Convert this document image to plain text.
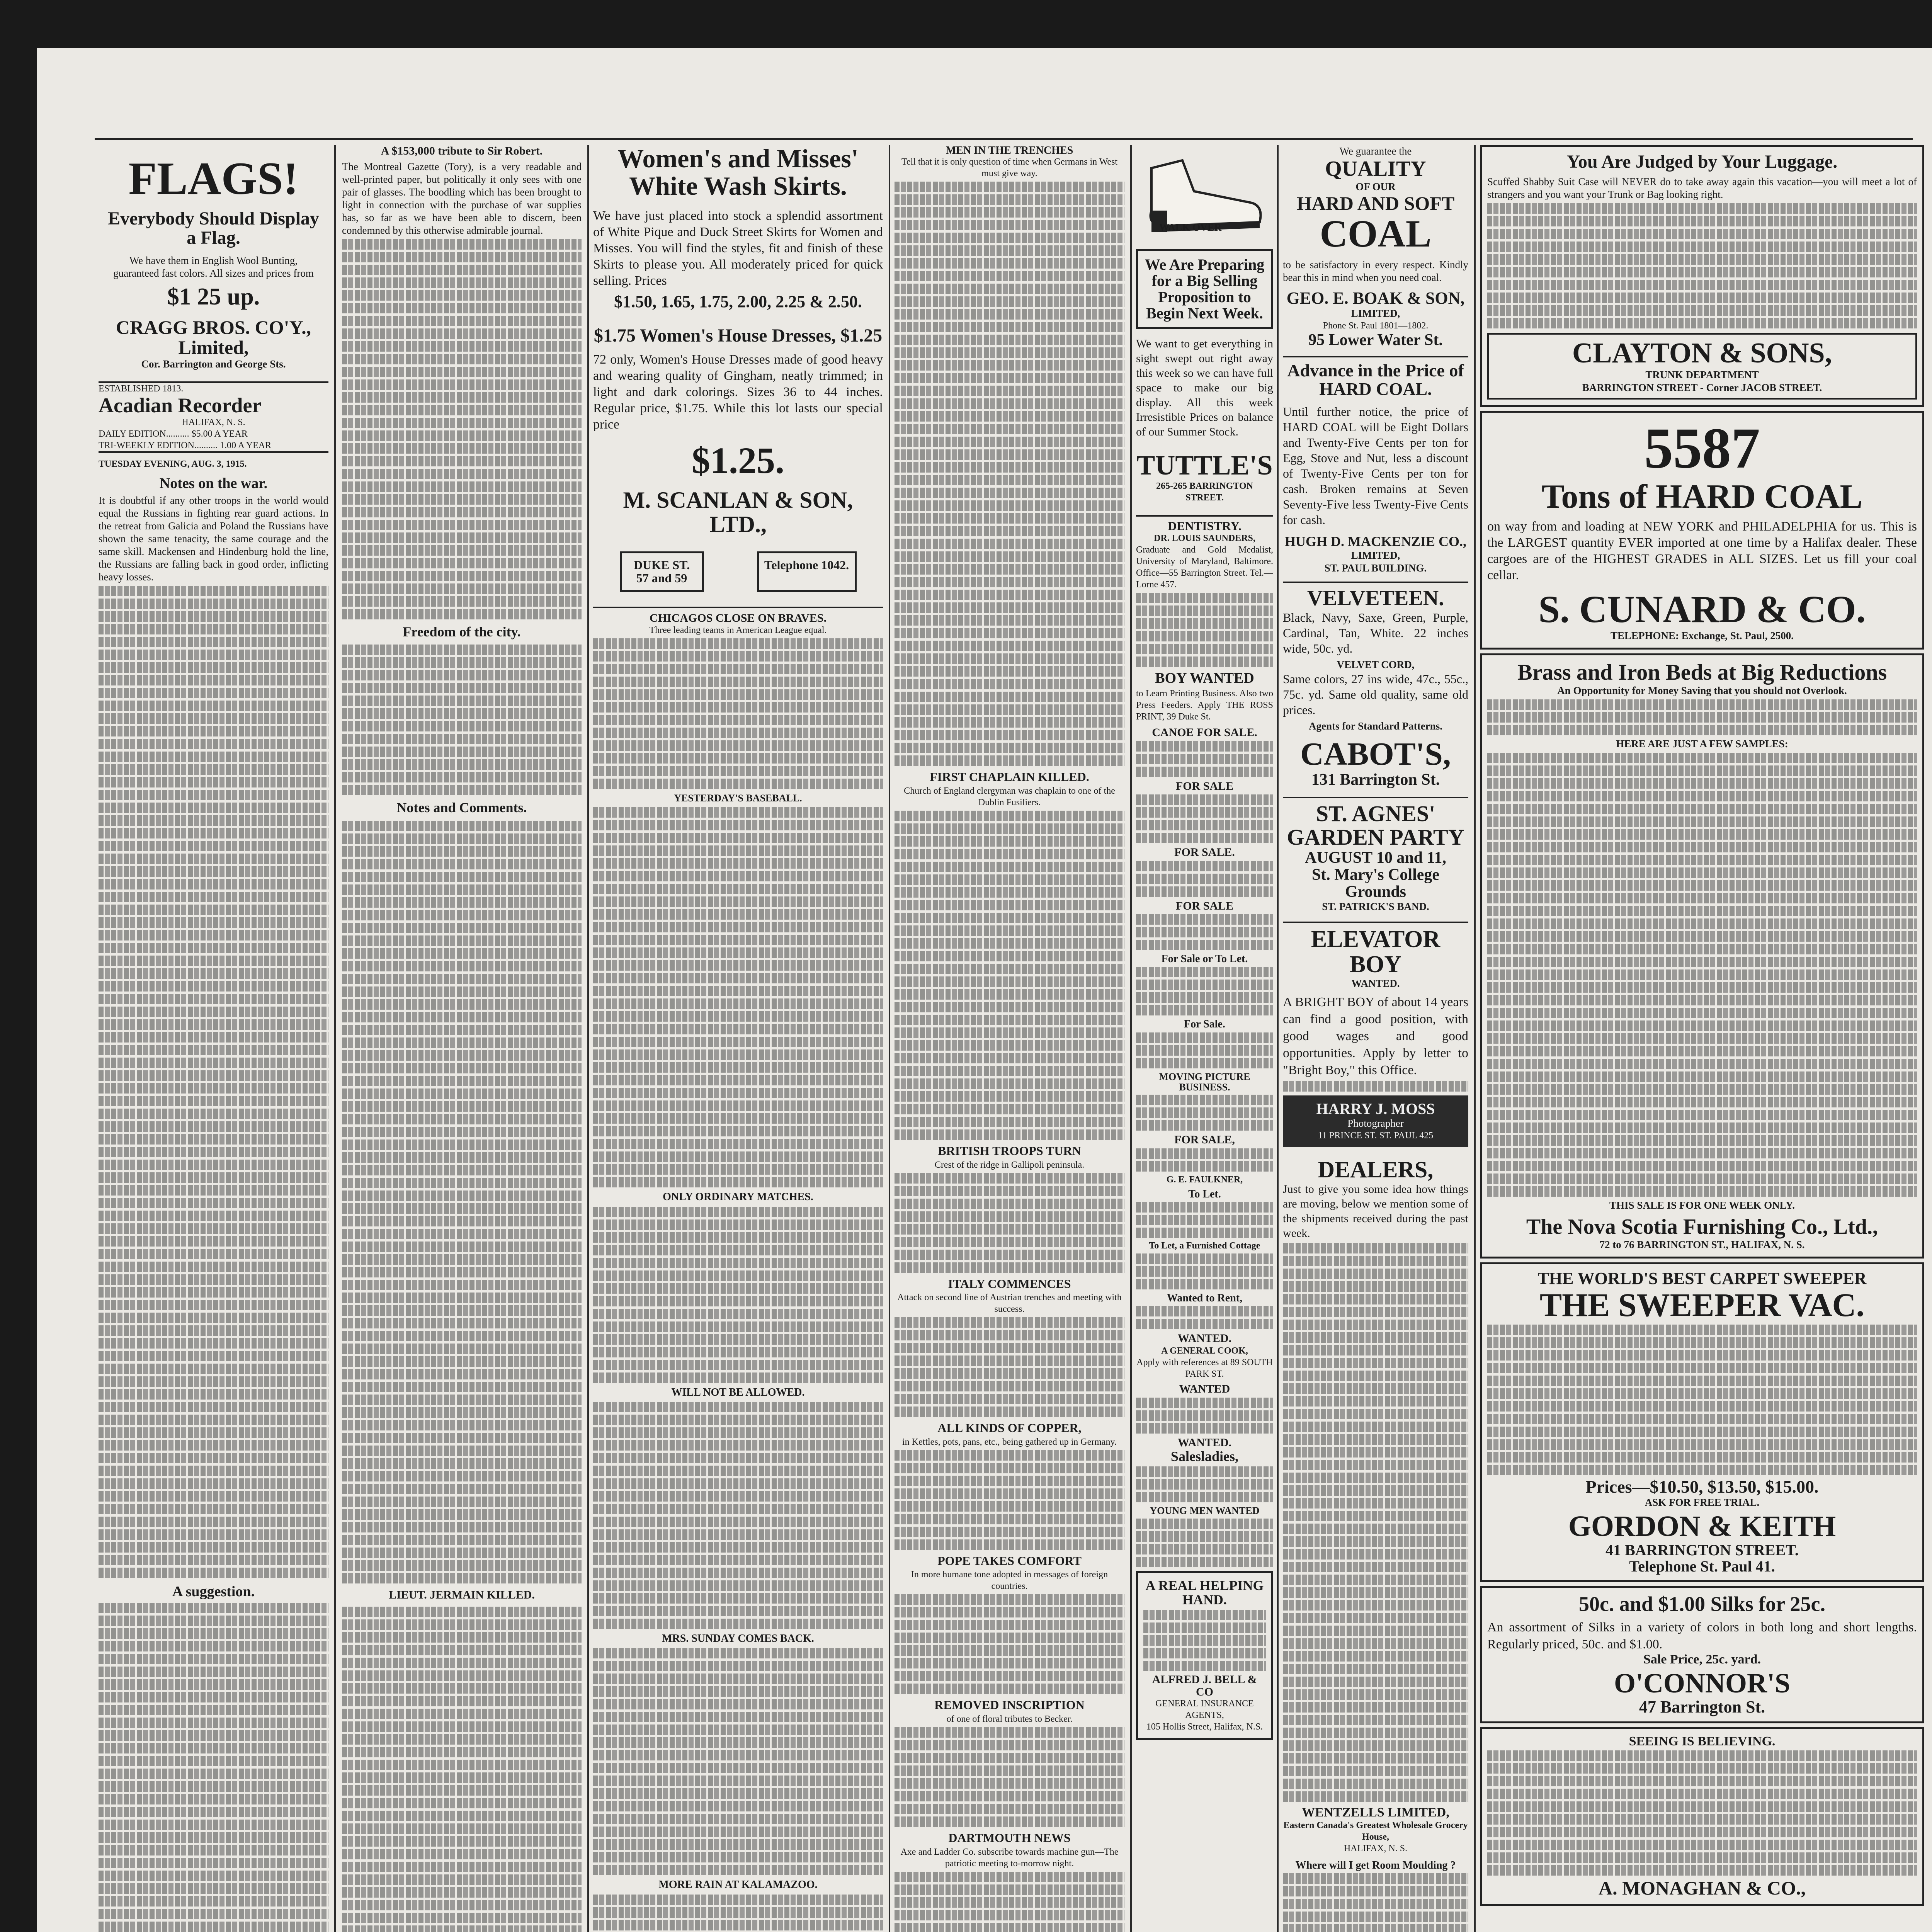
FLAGS!
Everybody Should Display a Flag.

We have them in English Wool Bunting, guaranteed fast colors. All sizes and prices from

$1 25 up.
CRAGG BROS. CO'Y., Limited,

Cor. Barrington and George Sts.

ESTABLISHED 1813.

Acadian Recorder

HALIFAX, N. S.

DAILY EDITION.......... $5.00 A YEAR

TRI-WEEKLY EDITION.......... 1.00 A YEAR

TUESDAY EVENING, AUG. 3, 1915.

Notes on the war.

It is doubtful if any other troops in the world would equal the Russians in fighting rear guard actions. In the retreat from Galicia and Poland the Russians have shown the same tenacity, the same courage and the same skill. Mackensen and Hindenburg hold the line, the Russians are falling back in good order, inflicting heavy losses.

A suggestion.
A $153,000 tribute to Sir Robert.

The Montreal Gazette (Tory), is a very readable and well-printed paper, but politically it only sees with one pair of glasses. The boodling which has been brought to light in connection with the purchase of war supplies has, so far as we have been able to discern, been condemned by this otherwise admirable journal.

Freedom of the city.
Notes and Comments.
LIEUT. JERMAIN KILLED.
Women's and Misses' White Wash Skirts.

We have just placed into stock a splendid assortment of White Pique and Duck Street Skirts for Women and Misses. You will find the styles, fit and finish of these Skirts to please you. All moderately priced for quick selling. Prices

$1.50, 1.65, 1.75, 2.00, 2.25 & 2.50.
$1.75 Women's House Dresses, $1.25

72 only, Women's House Dresses made of good heavy and wearing quality of Gingham, neatly trimmed; in light and dark colorings. Sizes 36 to 44 inches. Regular price, $1.75. While this lot lasts our special price

$1.25.
M. SCANLAN & SON, LTD.,
DUKE ST. 57 and 59
Telephone 1042.
CHICAGOS CLOSE ON BRAVES.

Three leading teams in American League equal.

YESTERDAY'S BASEBALL.
ONLY ORDINARY MATCHES.
WILL NOT BE ALLOWED.
MRS. SUNDAY COMES BACK.
MORE RAIN AT KALAMAZOO.

MEN IN THE TRENCHES

Tell that it is only question of time when Germans in West must give way.

FIRST CHAPLAIN KILLED.

Church of England clergyman was chaplain to one of the Dublin Fusiliers.

BRITISH TROOPS TURN

Crest of the ridge in Gallipoli peninsula.

ITALY COMMENCES

Attack on second line of Austrian trenches and meeting with success.

ALL KINDS OF COPPER,

in Kettles, pots, pans, etc., being gathered up in Germany.

POPE TAKES COMFORT

In more humane tone adopted in messages of foreign countries.

REMOVED INSCRIPTION

of one of floral tributes to Becker.

DARTMOUTH NEWS

Axe and Ladder Co. subscribe towards machine gun—The patriotic meeting to-morrow night.

WALK OVER
We Are Preparing for a Big Selling Proposition to Begin Next Week.

We want to get everything in sight swept out right away this week so we can have full space to make our big display. All this week Irresistible Prices on balance of our Summer Stock.

TUTTLE'S

265-265 BARRINGTON STREET.

DENTISTRY.

DR. LOUIS SAUNDERS,

Graduate and Gold Medalist, University of Maryland, Baltimore. Office—55 Barrington Street. Tel.—Lorne 457.

BOY WANTED

to Learn Printing Business. Also two Press Feeders. Apply THE ROSS PRINT, 39 Duke St.

CANOE FOR SALE.
FOR SALE
FOR SALE.
FOR SALE
For Sale or To Let.
For Sale.
MOVING PICTURE BUSINESS.
FOR SALE,

G. E. FAULKNER,

To Let.
To Let, a Furnished Cottage
Wanted to Rent,
WANTED.

A GENERAL COOK,

Apply with references at 89 SOUTH PARK ST.

WANTED
WANTED.
Salesladies,
YOUNG MEN WANTED
A REAL HELPING HAND.
ALFRED J. BELL & CO

GENERAL INSURANCE AGENTS,

105 Hollis Street, Halifax, N.S.

We guarantee the

QUALITY

OF OUR

HARD AND SOFT
COAL

to be satisfactory in every respect. Kindly bear this in mind when you need coal.

GEO. E. BOAK & SON,

LIMITED,

Phone St. Paul 1801—1802.

95 Lower Water St.
Advance in the Price of HARD COAL.

Until further notice, the price of HARD COAL will be Eight Dollars and Twenty-Five Cents per ton for Egg, Stove and Nut, less a discount of Twenty-Five Cents per ton for cash. Broken remains at Seven Seventy-Five less Twenty-Five Cents for cash.

HUGH D. MACKENZIE CO.,

LIMITED,

ST. PAUL BUILDING.

VELVETEEN.

Black, Navy, Saxe, Green, Purple, Cardinal, Tan, White. 22 inches wide, 50c. yd.

VELVET CORD,

Same colors, 27 ins wide, 47c., 55c., 75c. yd. Same old quality, same old prices.

Agents for Standard Patterns.

CABOT'S,
131 Barrington St.
ST. AGNES' GARDEN PARTY
AUGUST 10 and 11,
St. Mary's College Grounds

ST. PATRICK'S BAND.

ELEVATOR BOY

WANTED.

A BRIGHT BOY of about 14 years can find a good position, with good wages and good opportunities. Apply by letter to "Bright Boy," this Office.

HARRY J. MOSS

Photographer

11 PRINCE ST. ST. PAUL 425

DEALERS,

Just to give you some idea how things are moving, below we mention some of the shipments received during the past week.

WENTZELLS LIMITED,

Eastern Canada's Greatest Wholesale Grocery House,

HALIFAX, N. S.

Where will I get Room Moulding ?

You Are Judged by Your Luggage.

Scuffed Shabby Suit Case will NEVER do to take away again this vacation—you will meet a lot of strangers and you want your Trunk or Bag looking right.

CLAYTON & SONS,

TRUNK DEPARTMENT

BARRINGTON STREET - Corner JACOB STREET.

5587
Tons of HARD COAL

on way from and loading at NEW YORK and PHILADELPHIA for us. This is the LARGEST quantity EVER imported at one time by a Halifax dealer. These cargoes are of the HIGHEST GRADES in ALL SIZES. Let us fill your coal cellar.

S. CUNARD & CO.

TELEPHONE: Exchange, St. Paul, 2500.

Brass and Iron Beds at Big Reductions

An Opportunity for Money Saving that you should not Overlook.

HERE ARE JUST A FEW SAMPLES:

THIS SALE IS FOR ONE WEEK ONLY.

The Nova Scotia Furnishing Co., Ltd.,

72 to 76 BARRINGTON ST., HALIFAX, N. S.

THE WORLD'S BEST CARPET SWEEPER
THE SWEEPER VAC.
Prices—$10.50, $13.50, $15.00.

ASK FOR FREE TRIAL.

GORDON & KEITH
41 BARRINGTON STREET.
Telephone St. Paul 41.
50c. and $1.00 Silks for 25c.

An assortment of Silks in a variety of colors in both long and short lengths. Regularly priced, 50c. and $1.00.

Sale Price, 25c. yard.

O'CONNOR'S
47 Barrington St.
SEEING IS BELIEVING.
A. MONAGHAN & CO.,
